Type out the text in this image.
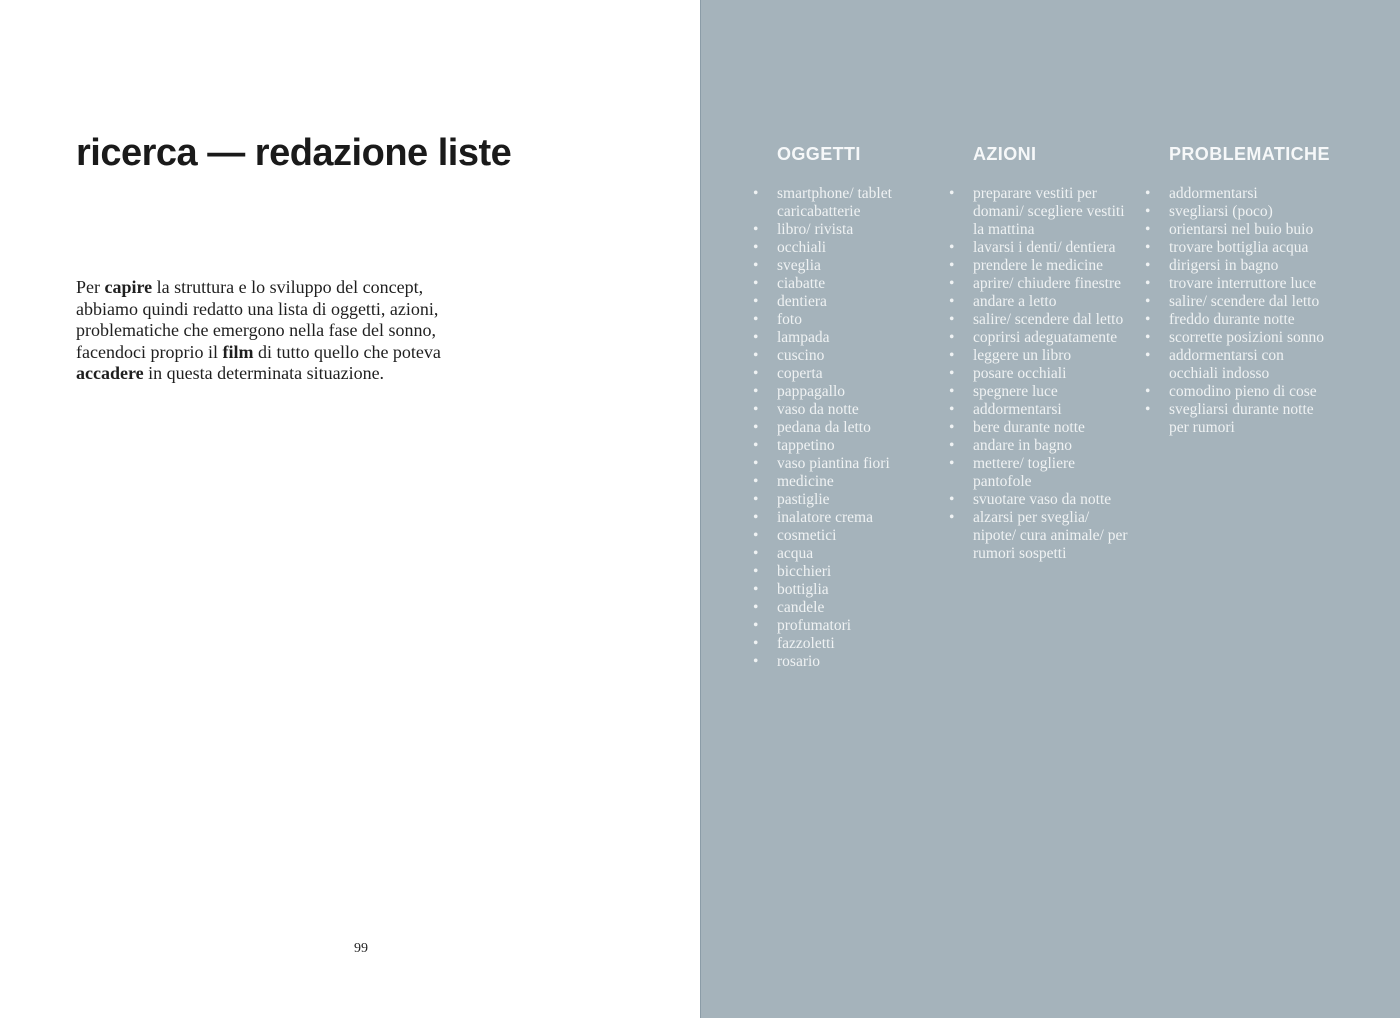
ricerca — redazione liste
Per capire la struttura e lo sviluppo del concept,
abbiamo quindi redatto una lista di oggetti, azioni,
problematiche che emergono nella fase del sonno,
facendoci proprio il film di tutto quello che poteva
accadere in questa determinata situazione.
99
OGGETTI
• smartphone/ tablet caricabatterie
• libro/ rivista
• occhiali
• sveglia
• ciabatte
• dentiera
• foto
• lampada
• cuscino
• coperta
• pappagallo
• vaso da notte
• pedana da letto
• tappetino
• vaso piantina fiori
• medicine
• pastiglie
• inalatore crema
• cosmetici
• acqua
• bicchieri
• bottiglia
• candele
• profumatori
• fazzoletti
• rosario
AZIONI
• preparare vestiti per domani/ scegliere vestiti la mattina
• lavarsi i denti/ dentiera
• prendere le medicine
• aprire/ chiudere finestre
• andare a letto
• salire/ scendere dal letto
• coprirsi adeguatamente
• leggere un libro
• posare occhiali
• spegnere luce
• addormentarsi
• bere durante notte
• andare in bagno
• mettere/ togliere pantofole
• svuotare vaso da notte
• alzarsi per sveglia/ nipote/ cura animale/ per rumori sospetti
PROBLEMATICHE
• addormentarsi
• svegliarsi (poco)
• orientarsi nel buio buio
• trovare bottiglia acqua
• dirigersi in bagno
• trovare interruttore luce
• salire/ scendere dal letto
• freddo durante notte
• scorrette posizioni sonno
• addormentarsi con occhiali indosso
• comodino pieno di cose
• svegliarsi durante notte per rumori
